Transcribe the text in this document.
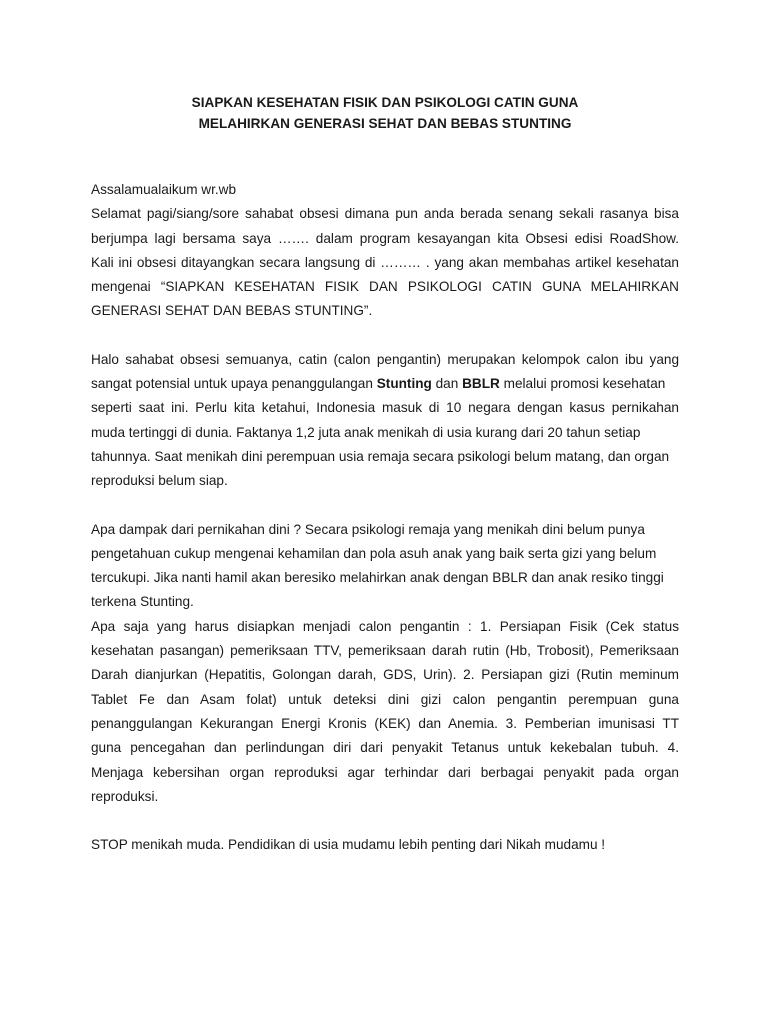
SIAPKAN KESEHATAN FISIK DAN PSIKOLOGI CATIN GUNA

MELAHIRKAN GENERASI SEHAT DAN BEBAS STUNTING

Assalamualaikum wr.wb
Selamat pagi/siang/sore sahabat obsesi dimana pun anda berada senang sekali rasanya bisa
berjumpa lagi bersama saya ……. dalam program kesayangan kita Obsesi edisi RoadShow.
Kali ini obsesi ditayangkan secara langsung di ……… . yang akan membahas artikel kesehatan
mengenai “SIAPKAN KESEHATAN FISIK DAN PSIKOLOGI CATIN GUNA MELAHIRKAN
GENERASI SEHAT DAN BEBAS STUNTING”.
Halo sahabat obsesi semuanya, catin (calon pengantin) merupakan kelompok calon ibu yang
sangat potensial untuk upaya penanggulangan Stunting dan BBLR melalui promosi kesehatan
seperti saat ini. Perlu kita ketahui, Indonesia masuk di 10 negara dengan kasus pernikahan
muda tertinggi di dunia. Faktanya 1,2 juta anak menikah di usia kurang dari 20 tahun setiap
tahunnya. Saat menikah dini perempuan usia remaja secara psikologi belum matang, dan organ
reproduksi belum siap.
Apa dampak dari pernikahan dini ? Secara psikologi remaja yang menikah dini belum punya
pengetahuan cukup mengenai kehamilan dan pola asuh anak yang baik serta gizi yang belum
tercukupi. Jika nanti hamil akan beresiko melahirkan anak dengan BBLR dan anak resiko tinggi
terkena Stunting.
Apa saja yang harus disiapkan menjadi calon pengantin : 1. Persiapan Fisik (Cek status
kesehatan pasangan) pemeriksaan TTV, pemeriksaan darah rutin (Hb, Trobosit), Pemeriksaan
Darah dianjurkan (Hepatitis, Golongan darah, GDS, Urin). 2. Persiapan gizi (Rutin meminum
Tablet Fe dan Asam folat) untuk deteksi dini gizi calon pengantin perempuan guna
penanggulangan Kekurangan Energi Kronis (KEK) dan Anemia. 3. Pemberian imunisasi TT
guna pencegahan dan perlindungan diri dari penyakit Tetanus untuk kekebalan tubuh. 4.
Menjaga kebersihan organ reproduksi agar terhindar dari berbagai penyakit pada organ
reproduksi.
STOP menikah muda. Pendidikan di usia mudamu lebih penting dari Nikah mudamu !
